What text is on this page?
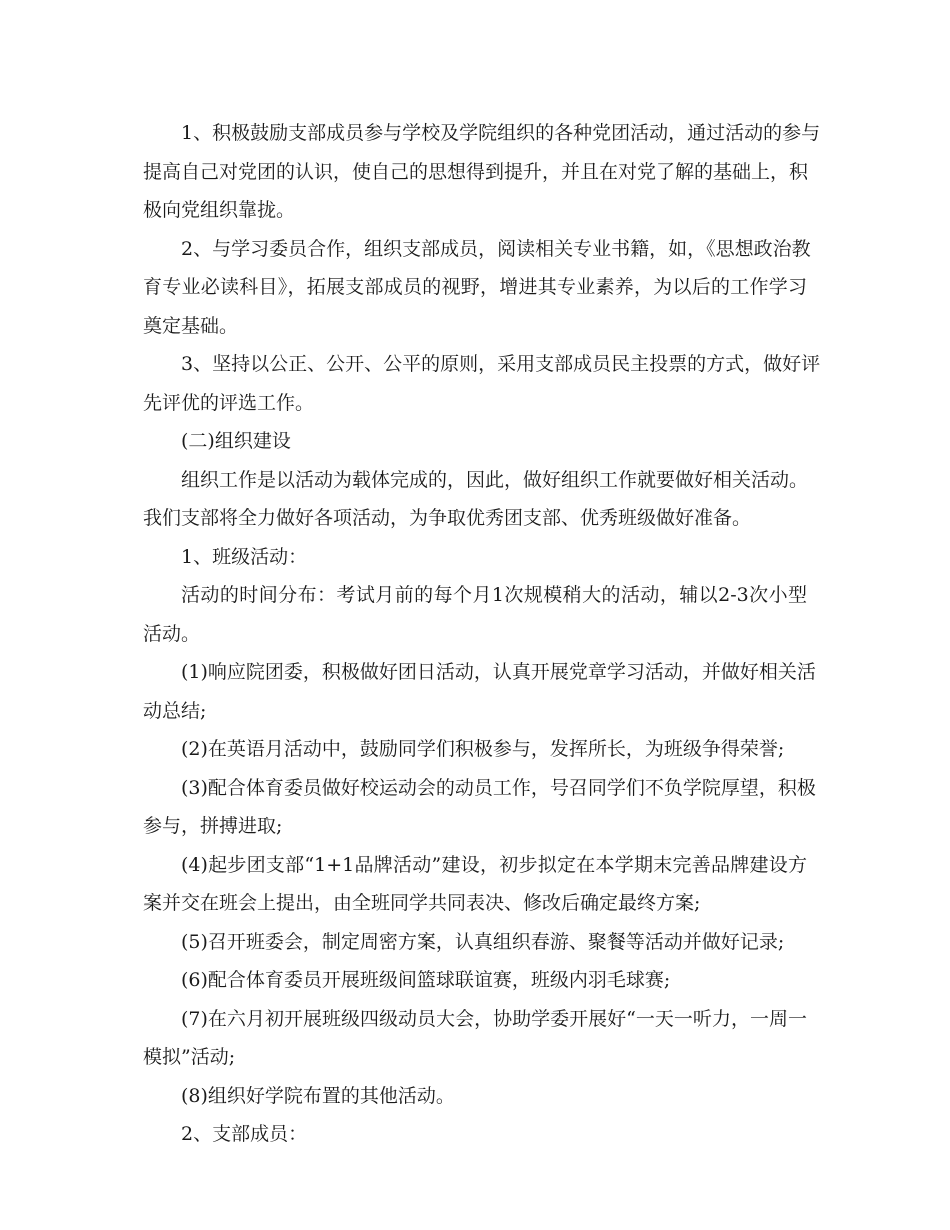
1、积极鼓励支部成员参与学校及学院组织的各种党团活动，通过活动的参与
提高自己对党团的认识，使自己的思想得到提升，并且在对党了解的基础上，积
极向党组织靠拢。
2、与学习委员合作，组织支部成员，阅读相关专业书籍，如，《思想政治教
育专业必读科目》，拓展支部成员的视野，增进其专业素养，为以后的工作学习
奠定基础。
3、坚持以公正、公开、公平的原则，采用支部成员民主投票的方式，做好评
先评优的评选工作。
(二)组织建设
组织工作是以活动为载体完成的，因此，做好组织工作就要做好相关活动。
我们支部将全力做好各项活动，为争取优秀团支部、优秀班级做好准备。
1、班级活动：
活动的时间分布：考试月前的每个月1次规模稍大的活动，辅以2-3次小型
活动。
(1)响应院团委，积极做好团日活动，认真开展党章学习活动，并做好相关活
动总结;
(2)在英语月活动中，鼓励同学们积极参与，发挥所长，为班级争得荣誉;
(3)配合体育委员做好校运动会的动员工作，号召同学们不负学院厚望，积极
参与，拼搏进取;
(4)起步团支部“1+1品牌活动”建设，初步拟定在本学期末完善品牌建设方
案并交在班会上提出，由全班同学共同表决、修改后确定最终方案;
(5)召开班委会，制定周密方案，认真组织春游、聚餐等活动并做好记录;
(6)配合体育委员开展班级间篮球联谊赛，班级内羽毛球赛;
(7)在六月初开展班级四级动员大会，协助学委开展好“一天一听力，一周一
模拟”活动;
(8)组织好学院布置的其他活动。
2、支部成员：
